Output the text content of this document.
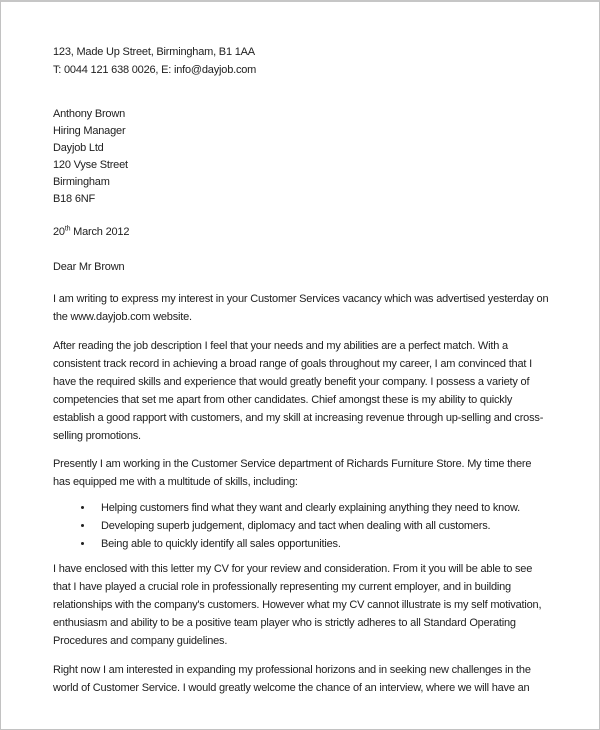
123, Made Up Street, Birmingham, B1 1AA

T: 0044 121 638 0026, E: info@dayjob.com

Anthony Brown

Hiring Manager

Dayjob Ltd

120 Vyse Street

Birmingham

B18 6NF

20th March 2012

Dear Mr Brown

I am writing to express my interest in your Customer Services vacancy which was advertised yesterday on the www.dayjob.com website.

After reading the job description I feel that your needs and my abilities are a perfect match. With a consistent track record in achieving a broad range of goals throughout my career, I am convinced that I have the required skills and experience that would greatly benefit your company. I possess a variety of competencies that set me apart from other candidates. Chief amongst these is my ability to quickly establish a good rapport with customers, and my skill at increasing revenue through up-selling and cross-selling promotions.

Presently I am working in the Customer Service department of Richards Furniture Store. My time there has equipped me with a multitude of skills, including:

• Helping customers find what they want and clearly explaining anything they need to know.
• Developing superb judgement, diplomacy and tact when dealing with all customers.
• Being able to quickly identify all sales opportunities.

I have enclosed with this letter my CV for your review and consideration. From it you will be able to see that I have played a crucial role in professionally representing my current employer, and in building relationships with the company's customers. However what my CV cannot illustrate is my self motivation, enthusiasm and ability to be a positive team player who is strictly adheres to all Standard Operating Procedures and company guidelines.

Right now I am interested in expanding my professional horizons and in seeking new challenges in the world of Customer Service. I would greatly welcome the chance of an interview, where we will have an
